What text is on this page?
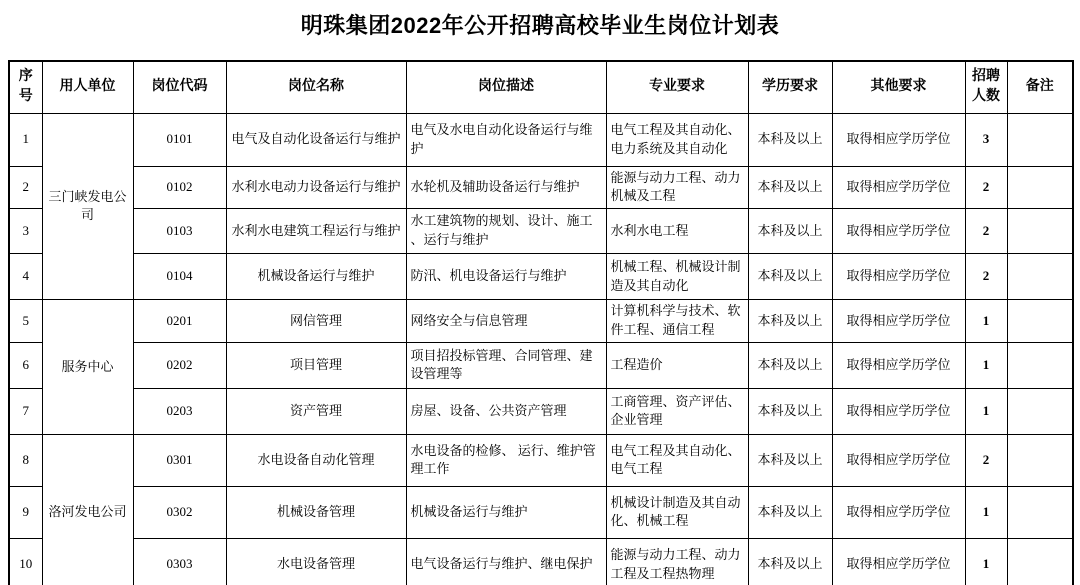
明珠集团2022年公开招聘高校毕业生岗位计划表
序号	用人单位	岗位代码	岗位名称	岗位描述	专业要求	学历要求	其他要求	招聘人数	备注
1	三门峡发电公司	0101	电气及自动化设备运行与维护	电气及水电自动化设备运行与维护	电气工程及其自动化、电力系统及其自动化	本科及以上	取得相应学历学位	3	
2		0102	水利水电动力设备运行与维护	水轮机及辅助设备运行与维护	能源与动力工程、动力机械及工程	本科及以上	取得相应学历学位	2	
3		0103	水利水电建筑工程运行与维护	水工建筑物的规划、设计、施工、运行与维护	水利水电工程	本科及以上	取得相应学历学位	2	
4		0104	机械设备运行与维护	防汛、机电设备运行与维护	机械工程、机械设计制造及其自动化	本科及以上	取得相应学历学位	2	
5	服务中心	0201	网信管理	网络安全与信息管理	计算机科学与技术、软件工程、通信工程	本科及以上	取得相应学历学位	1	
6		0202	项目管理	项目招投标管理、合同管理、建设管理等	工程造价	本科及以上	取得相应学历学位	1	
7		0203	资产管理	房屋、设备、公共资产管理	工商管理、资产评估、企业管理	本科及以上	取得相应学历学位	1	
8	洛河发电公司	0301	水电设备自动化管理	水电设备的检修、 运行、维护管理工作	电气工程及其自动化、电气工程	本科及以上	取得相应学历学位	2	
9		0302	机械设备管理	机械设备运行与维护	机械设计制造及其自动化、机械工程	本科及以上	取得相应学历学位	1	
10		0303	水电设备管理	电气设备运行与维护、继电保护	能源与动力工程、动力工程及工程热物理	本科及以上	取得相应学历学位	1	
